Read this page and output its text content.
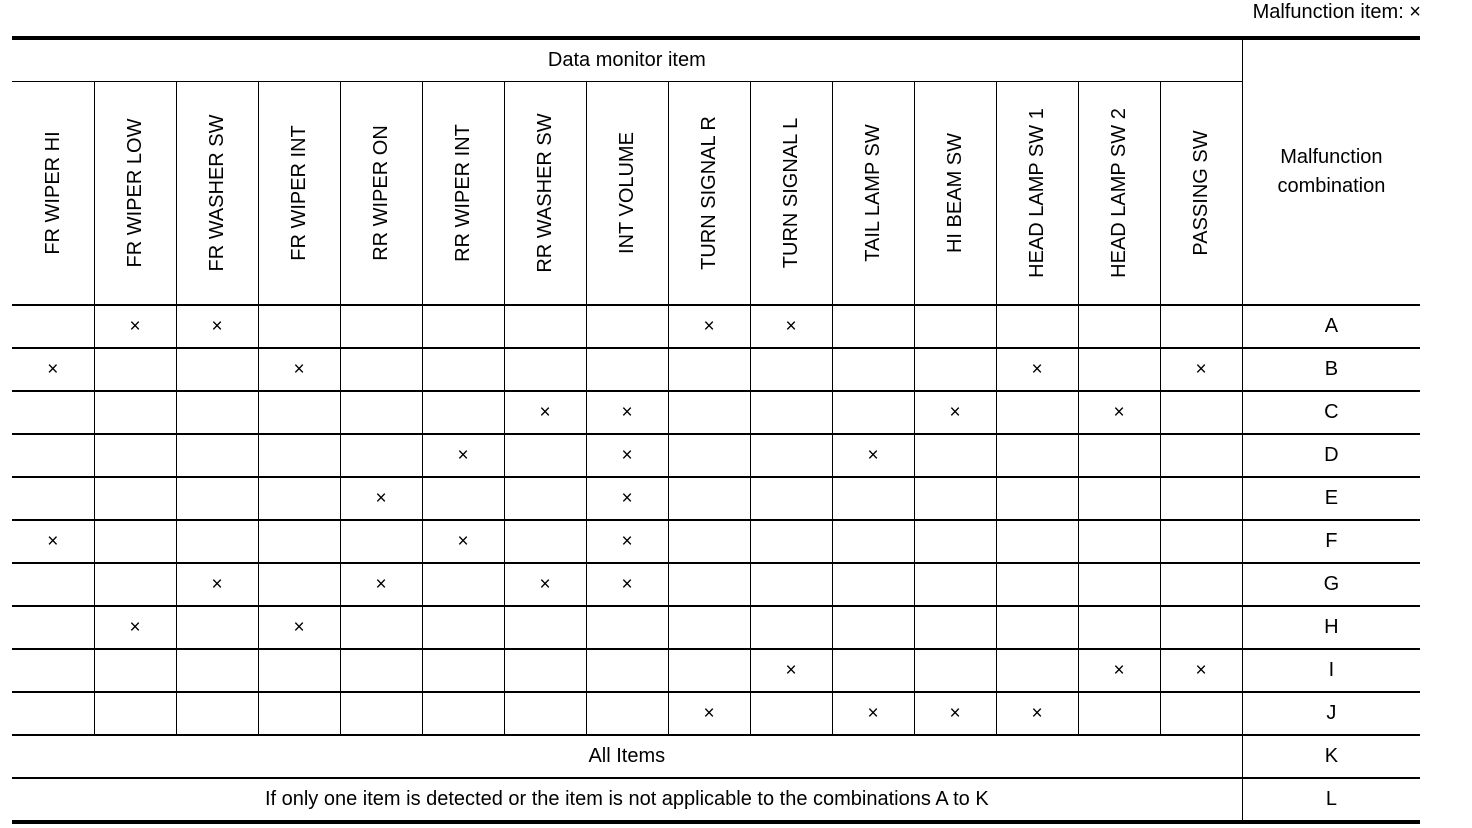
Malfunction item: ×
Data monitor item															Malfunction combination

FR WIPER HI	FR WIPER LOW	FR WASHER SW	FR WIPER INT	RR WIPER ON	RR WIPER INT	RR WASHER SW	INT VOLUME	TURN SIGNAL R	TURN SIGNAL L	TAIL LAMP SW	HI BEAM SW	HEAD LAMP SW 1	HEAD LAMP SW 2	PASSING SW	

	×	×						×	×						A
×			×									×		×	B
						×	×				×		×		C
					×		×			×					D
				×			×								E
×					×		×								F
		×		×		×	×								G
	×		×												H
									×				×	×	I
								×		×	×	×			J
All Items															K
If only one item is detected or the item is not applicable to the combinations A to K															L
